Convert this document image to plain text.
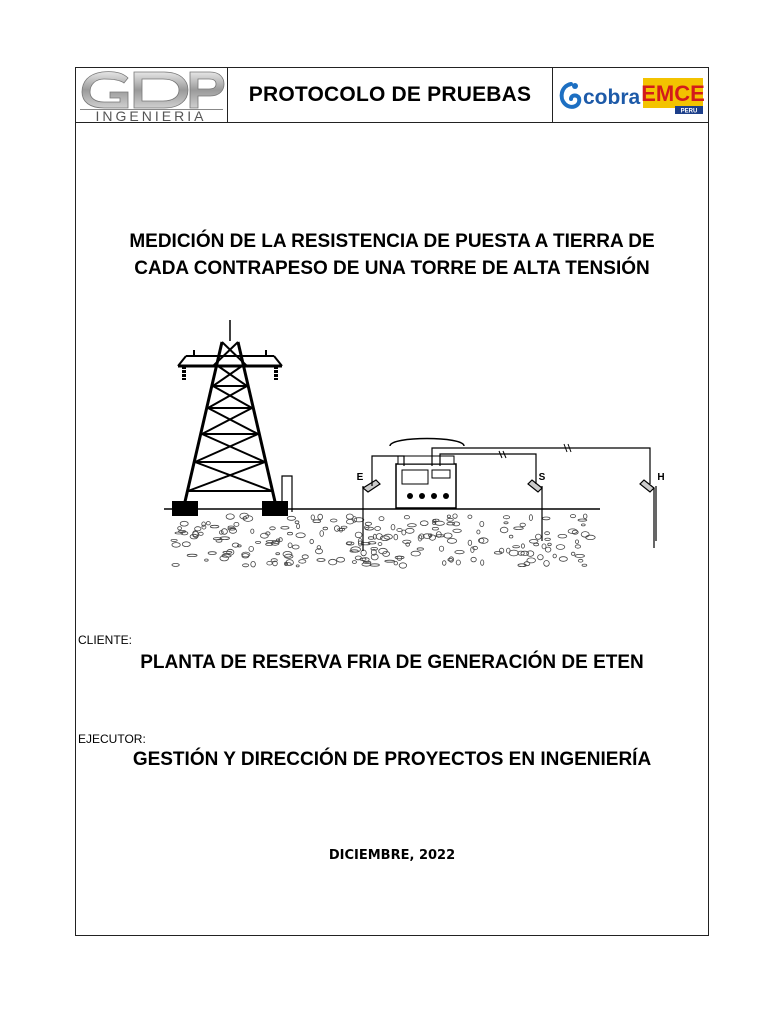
INGENIERIA
PROTOCOLO DE PRUEBAS cobra EMCE
PERU
MEDICIÓN DE LA RESISTENCIA DE PUESTA A TIERRA DE
CADA CONTRAPESO DE UNA TORRE DE ALTA TENSIÓN
E	S	H
CLIENTE:
PLANTA DE RESERVA FRIA DE GENERACIÓN DE ETEN
EJECUTOR:
GESTIÓN Y DIRECCIÓN DE PROYECTOS EN INGENIERÍA
DICIEMBRE, 2022
